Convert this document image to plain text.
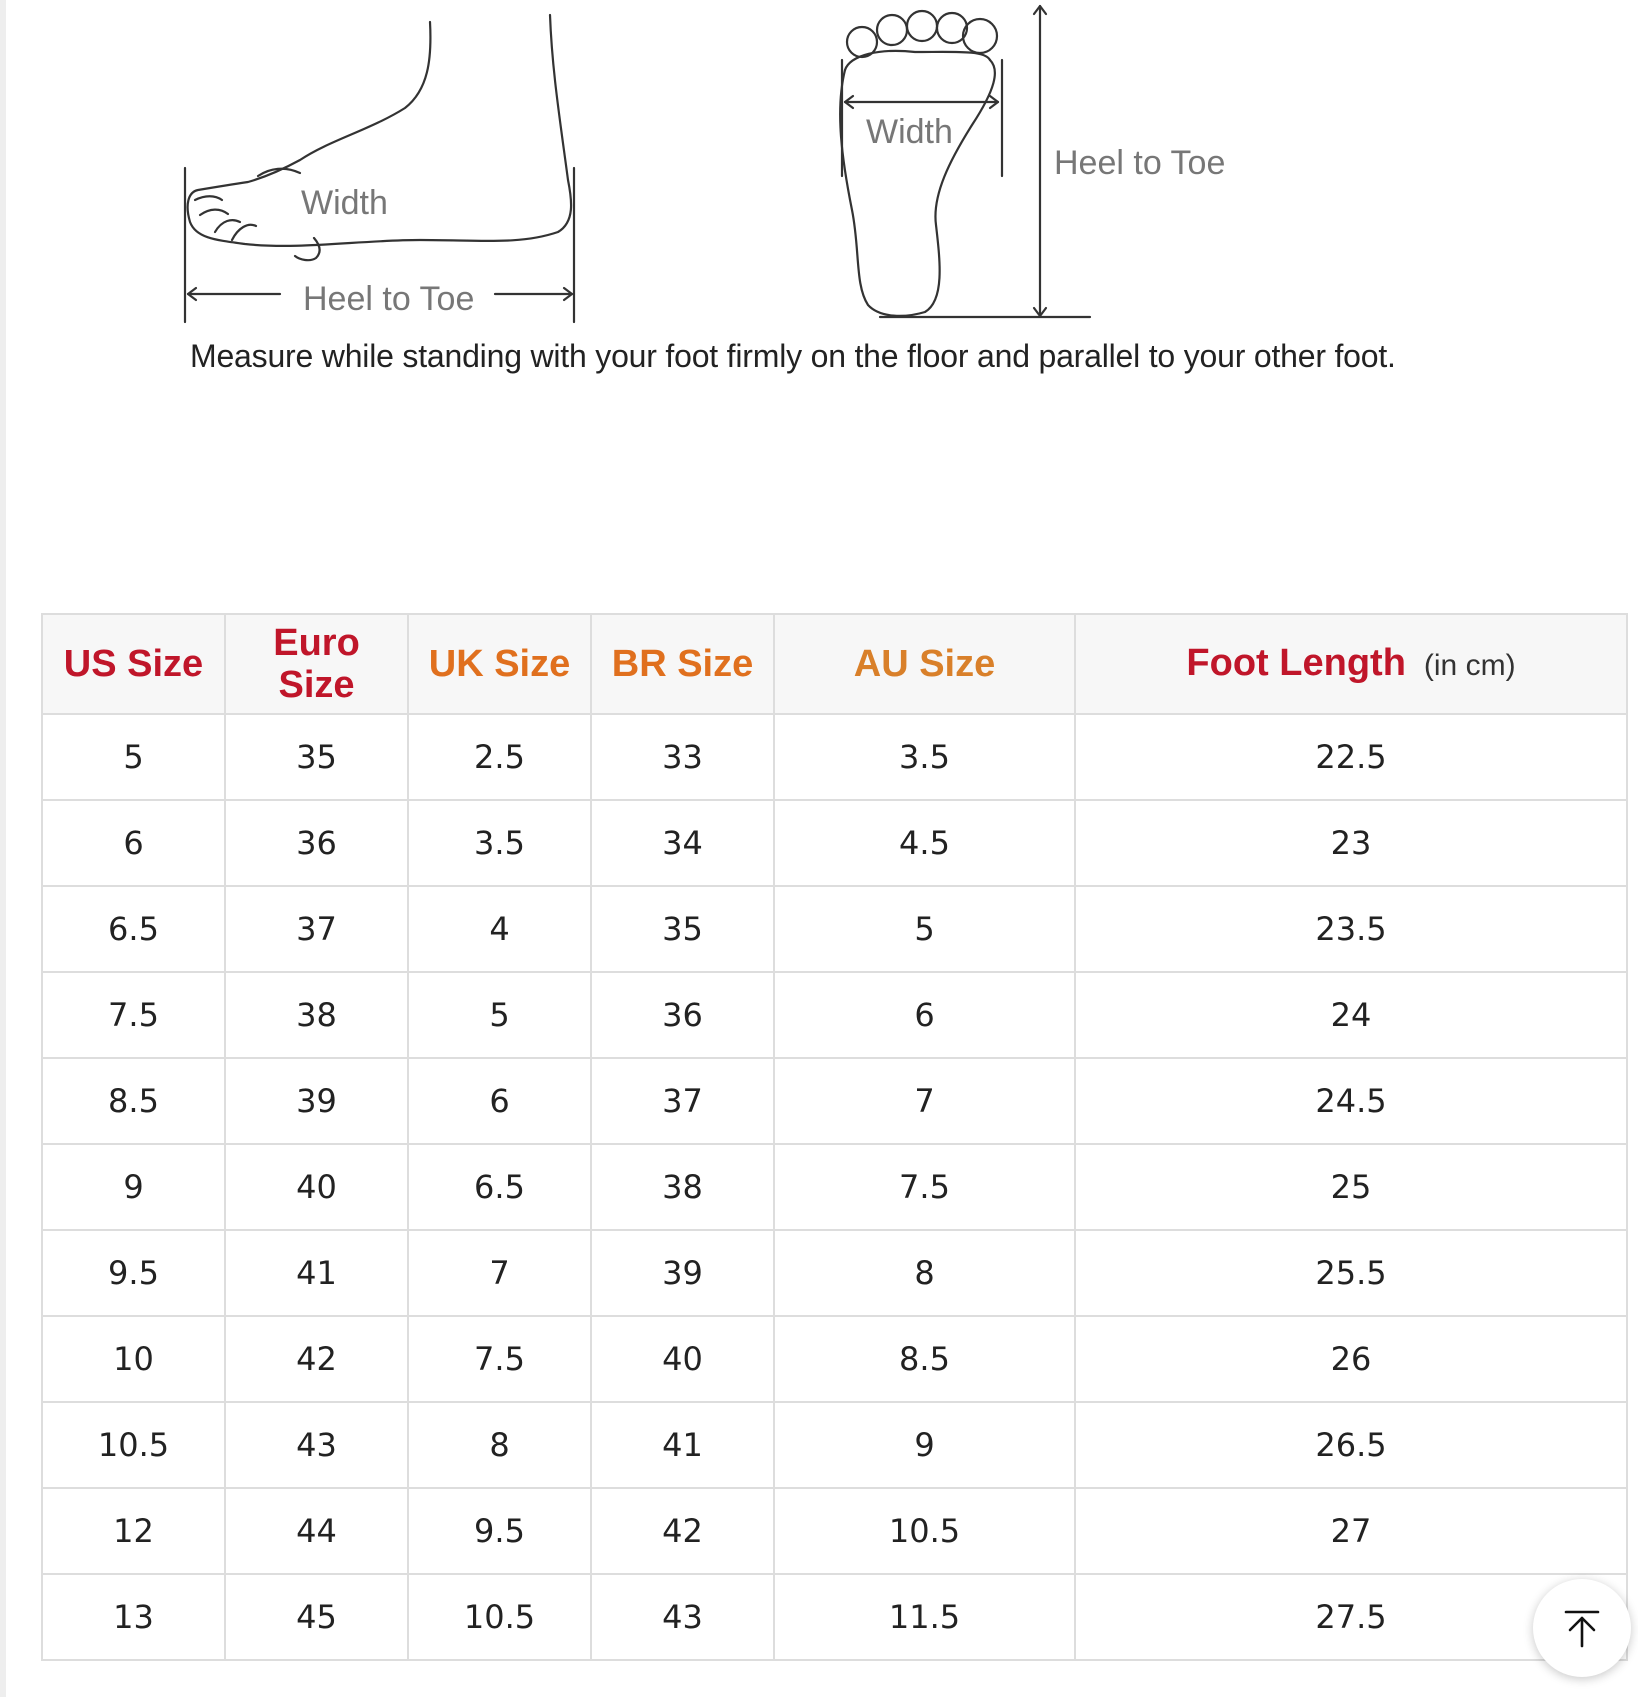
Width
Heel to Toe
Width
Heel to Toe
Measure while standing with your foot firmly on the floor and parallel to your other foot.
US Size	Euro
Size	UK Size	BR Size	AU Size	Foot Length (in cm)
5	35	2.5	33	3.5	22.5
6	36	3.5	34	4.5	23
6.5	37	4	35	5	23.5
7.5	38	5	36	6	24
8.5	39	6	37	7	24.5
9	40	6.5	38	7.5	25
9.5	41	7	39	8	25.5
10	42	7.5	40	8.5	26
10.5	43	8	41	9	26.5
12	44	9.5	42	10.5	27
13	45	10.5	43	11.5	27.5
